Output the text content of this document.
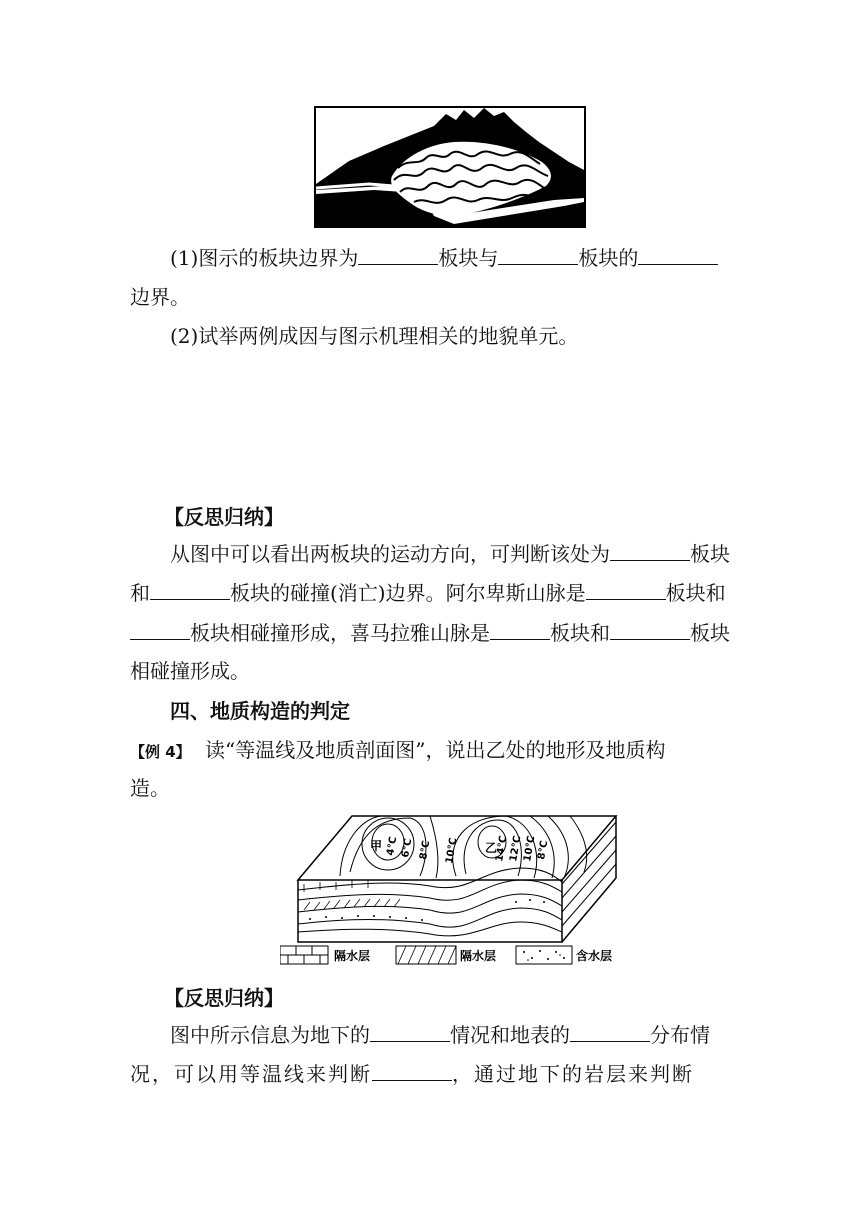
(1)图示的板块边界为	板块与	板块的
边界。
(2)试举两例成因与图示机理相关的地貌单元。
【反思归纳】
从图中可以看出两板块的运动方向，可判断该处为	板块
和	板块的碰撞(消亡)边界。阿尔卑斯山脉是	板块和
板块相碰撞形成，喜马拉雅山脉是	板块和	板块
相碰撞形成。
四、地质构造的判定
【例 4】 读“等温线及地质剖面图”，说出乙处的地形及地质构
造。
甲	乙
4℃ 6℃ 8℃ 10℃	14℃
12℃
10℃
8℃
隔水层	隔水层	含水层
【反思归纳】
图中所示信息为地下的	情况和地表的	分布情
况，可以用等温线来判断	，通过地下的岩层来判断
